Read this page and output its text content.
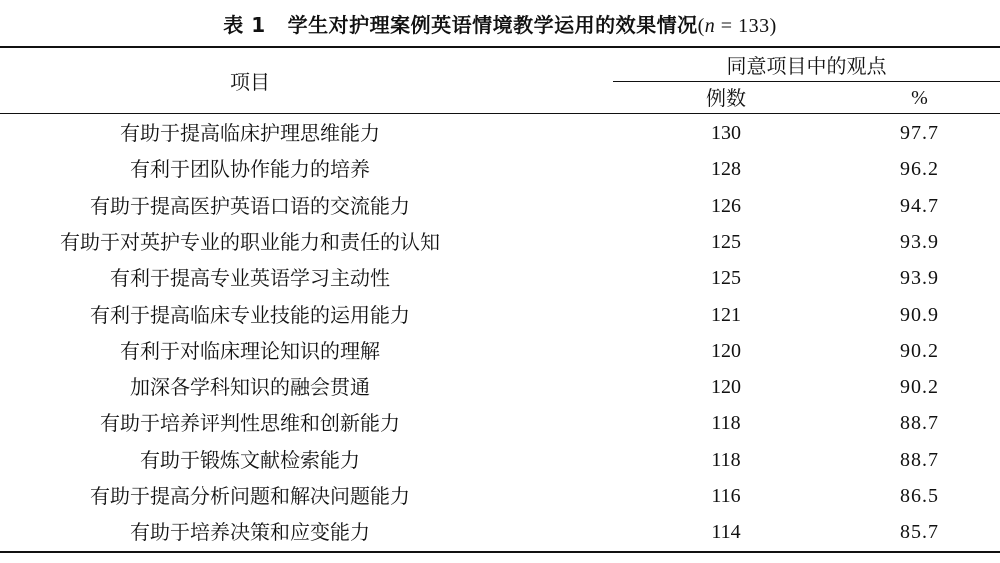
表 1 学生对护理案例英语情境教学运用的效果情况(n = 133)
项目
同意项目中的观点
例数	%
有助于提高临床护理思维能力	130	97.7
有利于团队协作能力的培养	128	96.2
有助于提高医护英语口语的交流能力	126	94.7
有助于对英护专业的职业能力和责任的认知	125	93.9
有利于提高专业英语学习主动性	125	93.9
有利于提高临床专业技能的运用能力	121	90.9
有利于对临床理论知识的理解	120	90.2
加深各学科知识的融会贯通	120	90.2
有助于培养评判性思维和创新能力	118	88.7
有助于锻炼文献检索能力	118	88.7
有助于提高分析问题和解决问题能力	116	86.5
有助于培养决策和应变能力	114	85.7
